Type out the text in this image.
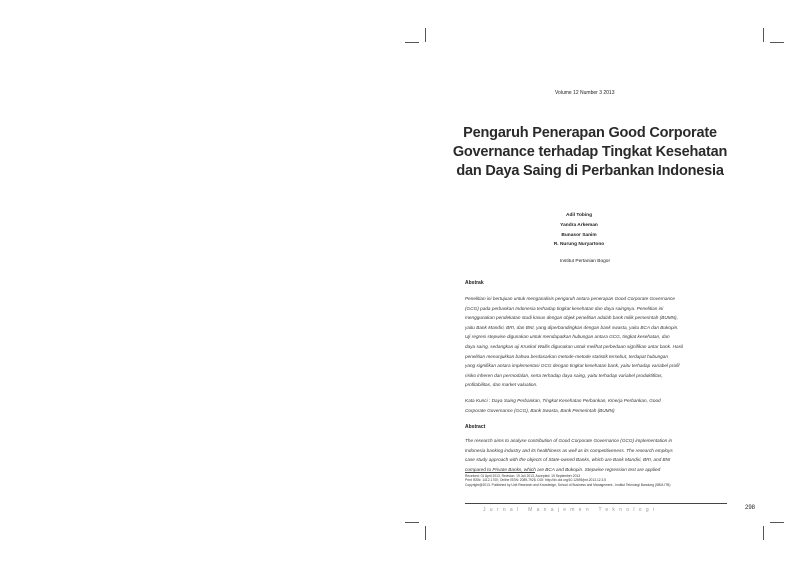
Volume 12 Number 3 2013
Pengaruh Penerapan Good Corporate
Governance terhadap Tingkat Kesehatan
dan Daya Saing di Perbankan Indonesia
Adil Tobing
Yandra Arkeman
Bunasor Sanim
R. Nurung Nuryartono
Institut Pertanian Bogor
Abstrak
Penelitian ini bertujuan untuk menganalisis pengaruh antara penerapan Good Corporate Governance
(GCG) pada perbankan Indonesia terhadap tingkat kesehatan dan daya saingnya. Penelitian ini
menggunakan pendekatan studi kasus dengan objek penelitian adalah bank milik pemerintah (BUMN),
yaitu Bank Mandiri, BRI, dan BNI, yang diperbandingkan dengan bank swasta, yaitu BCA dan Bukopin.
Uji regresi stepwise digunakan untuk mendapatkan hubungan antara GCG, tingkat kesehatan, dan
daya saing, sedangkan uji Kruskal Wallis digunakan untuk melihat perbedaan signifikan antar bank. Hasil
penelitian menunjukkan bahwa berdasarkan metode-metode statistik tersebut, terdapat hubungan
yang signifikan antara implementasi GCG dengan tingkat kesehatan bank, yaitu terhadap variabel profil
risiko inheren dan permodalan, serta terhadap daya saing, yaitu terhadap variabel produktifitas,
profitabilitas, dan market valuation.
Kata Kunci : Daya Saing Perbankan, Tingkat Kesehatan Perbankan, Kinerja Perbankan, Good
Corporate Governance (GCG), Bank Swasta, Bank Pemerintah (BUMN)
Abstract
The research aims to analyse contribution of Good Corporate Governance (GCG) implementation in
Indonesia banking industry and its healthiness as well as its competitiveness. The research employs
case study approach with the objects of State-owned Banks, which are Bank Mandiri, BRI, and BNI
compared to Private Banks, which are BCA and Bukopin. Stepwise regression test are applied
Received: 01 April 2013, Revision: 19 Juli 2013, Accepted: 19 September 2013
Print ISSN: 1412-1700; Online ISSN: 2089-7928. DOI: http://dx.doi.org/10.12695/jmt.2013.12.3.5
Copyright@2013. Published by Unit Research and Knowledge, School of Business and Management - Institut Teknologi Bandung (SBM-ITB)
Jurnal Manajemen Teknologi	298
